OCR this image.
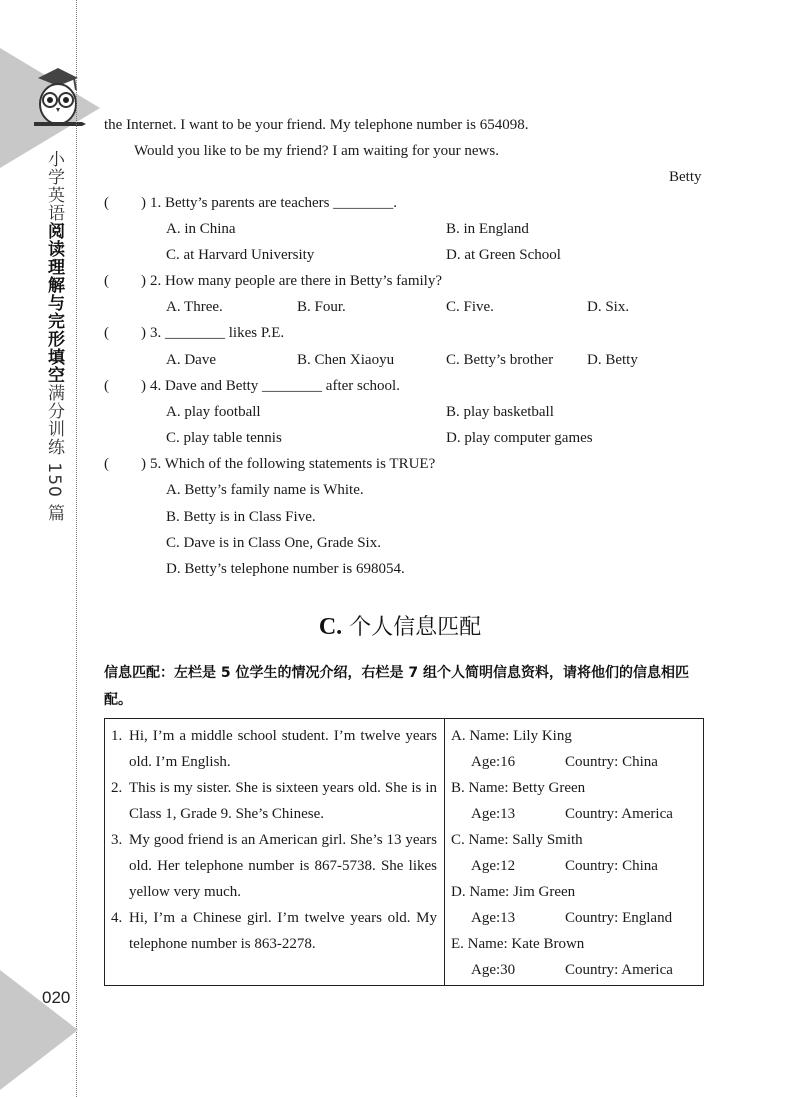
小学英语阅读理解与完形填空满分训练 150 篇
020
the Internet. I want to be your friend. My telephone number is 654098.
Would you like to be my friend? I am waiting for your news.
Betty
( ) 1. Betty’s parents are teachers ________.
A. in China	B. in England
C. at Harvard University	D. at Green School
( ) 2. How many people are there in Betty’s family?
A. Three.	B. Four.	C. Five.	D. Six.
( ) 3. ________ likes P.E.
A. Dave	B. Chen Xiaoyu	C. Betty’s brother D. Betty
( ) 4. Dave and Betty ________ after school.
A. play football	B. play basketball
C. play table tennis	D. play computer games
( ) 5. Which of the following statements is TRUE?
A. Betty’s family name is White.
B. Betty is in Class Five.
C. Dave is in Class One, Grade Six.
D. Betty’s telephone number is 698054.
C. 个人信息匹配
信息匹配：左栏是 5 位学生的情况介绍，右栏是 7 组个人简明信息资料，请将他们的信息相匹配。
1. Hi, I’m a middle school student. I’m twelve years old. I’m English.
2. This is my sister. She is sixteen years old. She is in Class 1, Grade 9. She’s Chinese.
3. My good friend is an American girl. She’s 13 years old. Her telephone number is 867-5738. She likes yellow very much.
4. Hi, I’m a Chinese girl. I’m twelve years old. My telephone number is 863-2278.
A. Name: Lily King
Age:16	Country: China
B. Name: Betty Green
Age:13	Country: America
C. Name: Sally Smith
Age:12	Country: China
D. Name: Jim Green
Age:13	Country: England
E. Name: Kate Brown
Age:30	Country: America
